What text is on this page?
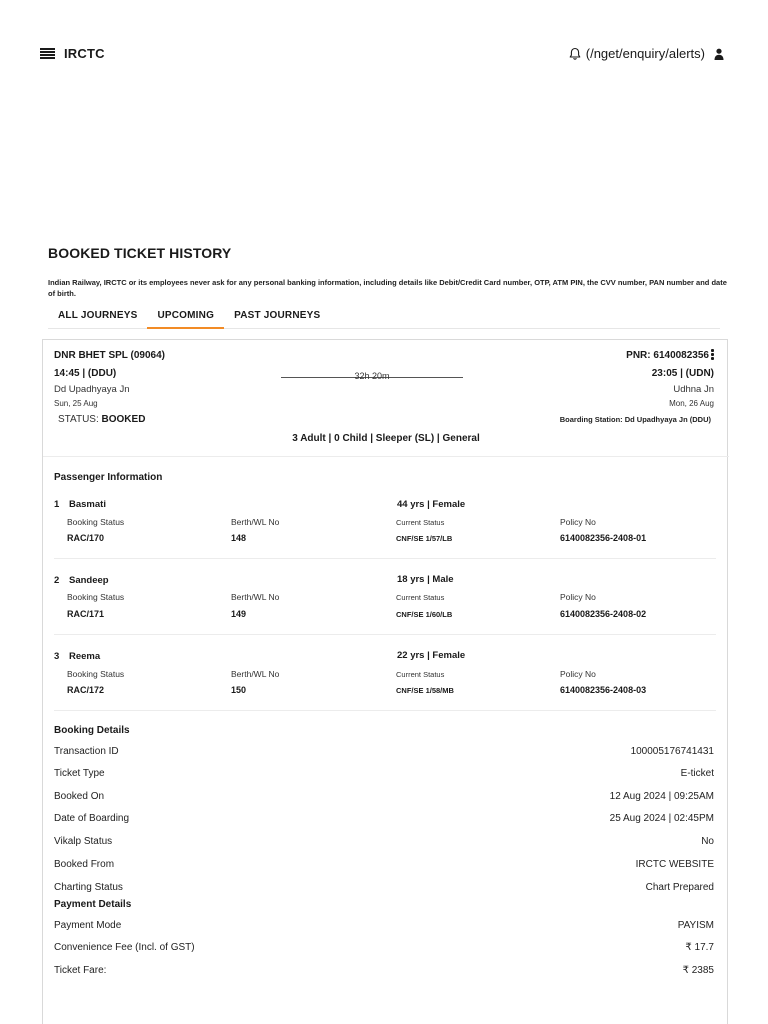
IRCTC	(/nget/enquiry/alerts)
BOOKED TICKET HISTORY
Indian Railway, IRCTC or its employees never ask for any personal banking information, including details like Debit/Credit Card number, OTP, ATM PIN, the CVV number, PAN number and date of birth.
ALL JOURNEYS	UPCOMING	PAST JOURNEYS
DNR BHET SPL (09064)	PNR: 6140082356
14:45 | (DDU)	32h 20m	23:05 | (UDN)
Dd Upadhyaya Jn	Udhna Jn
Sun, 25 Aug	Mon, 26 Aug
STATUS: BOOKED	Boarding Station: Dd Upadhyaya Jn (DDU)
3 Adult | 0 Child | Sleeper (SL) | General
Passenger Information
1 Basmati	44 yrs | Female
Booking Status	Berth/WL No	Current Status	Policy No
RAC/170	148	CNF/SE 1/57/LB	6140082356-2408-01
2 Sandeep	18 yrs | Male
Booking Status	Berth/WL No	Current Status	Policy No
RAC/171	149	CNF/SE 1/60/LB	6140082356-2408-02
3 Reema	22 yrs | Female
Booking Status	Berth/WL No	Current Status	Policy No
RAC/172	150	CNF/SE 1/58/MB	6140082356-2408-03
Booking Details
Transaction ID	100005176741431
Ticket Type	E-ticket
Booked On	12 Aug 2024 | 09:25AM
Date of Boarding	25 Aug 2024 | 02:45PM
Vikalp Status	No
Booked From	IRCTC WEBSITE
Charting Status	Chart Prepared
Payment Details
Payment Mode	PAYISM
Convenience Fee (Incl. of GST)	₹ 17.7
Ticket Fare:	₹ 2385
